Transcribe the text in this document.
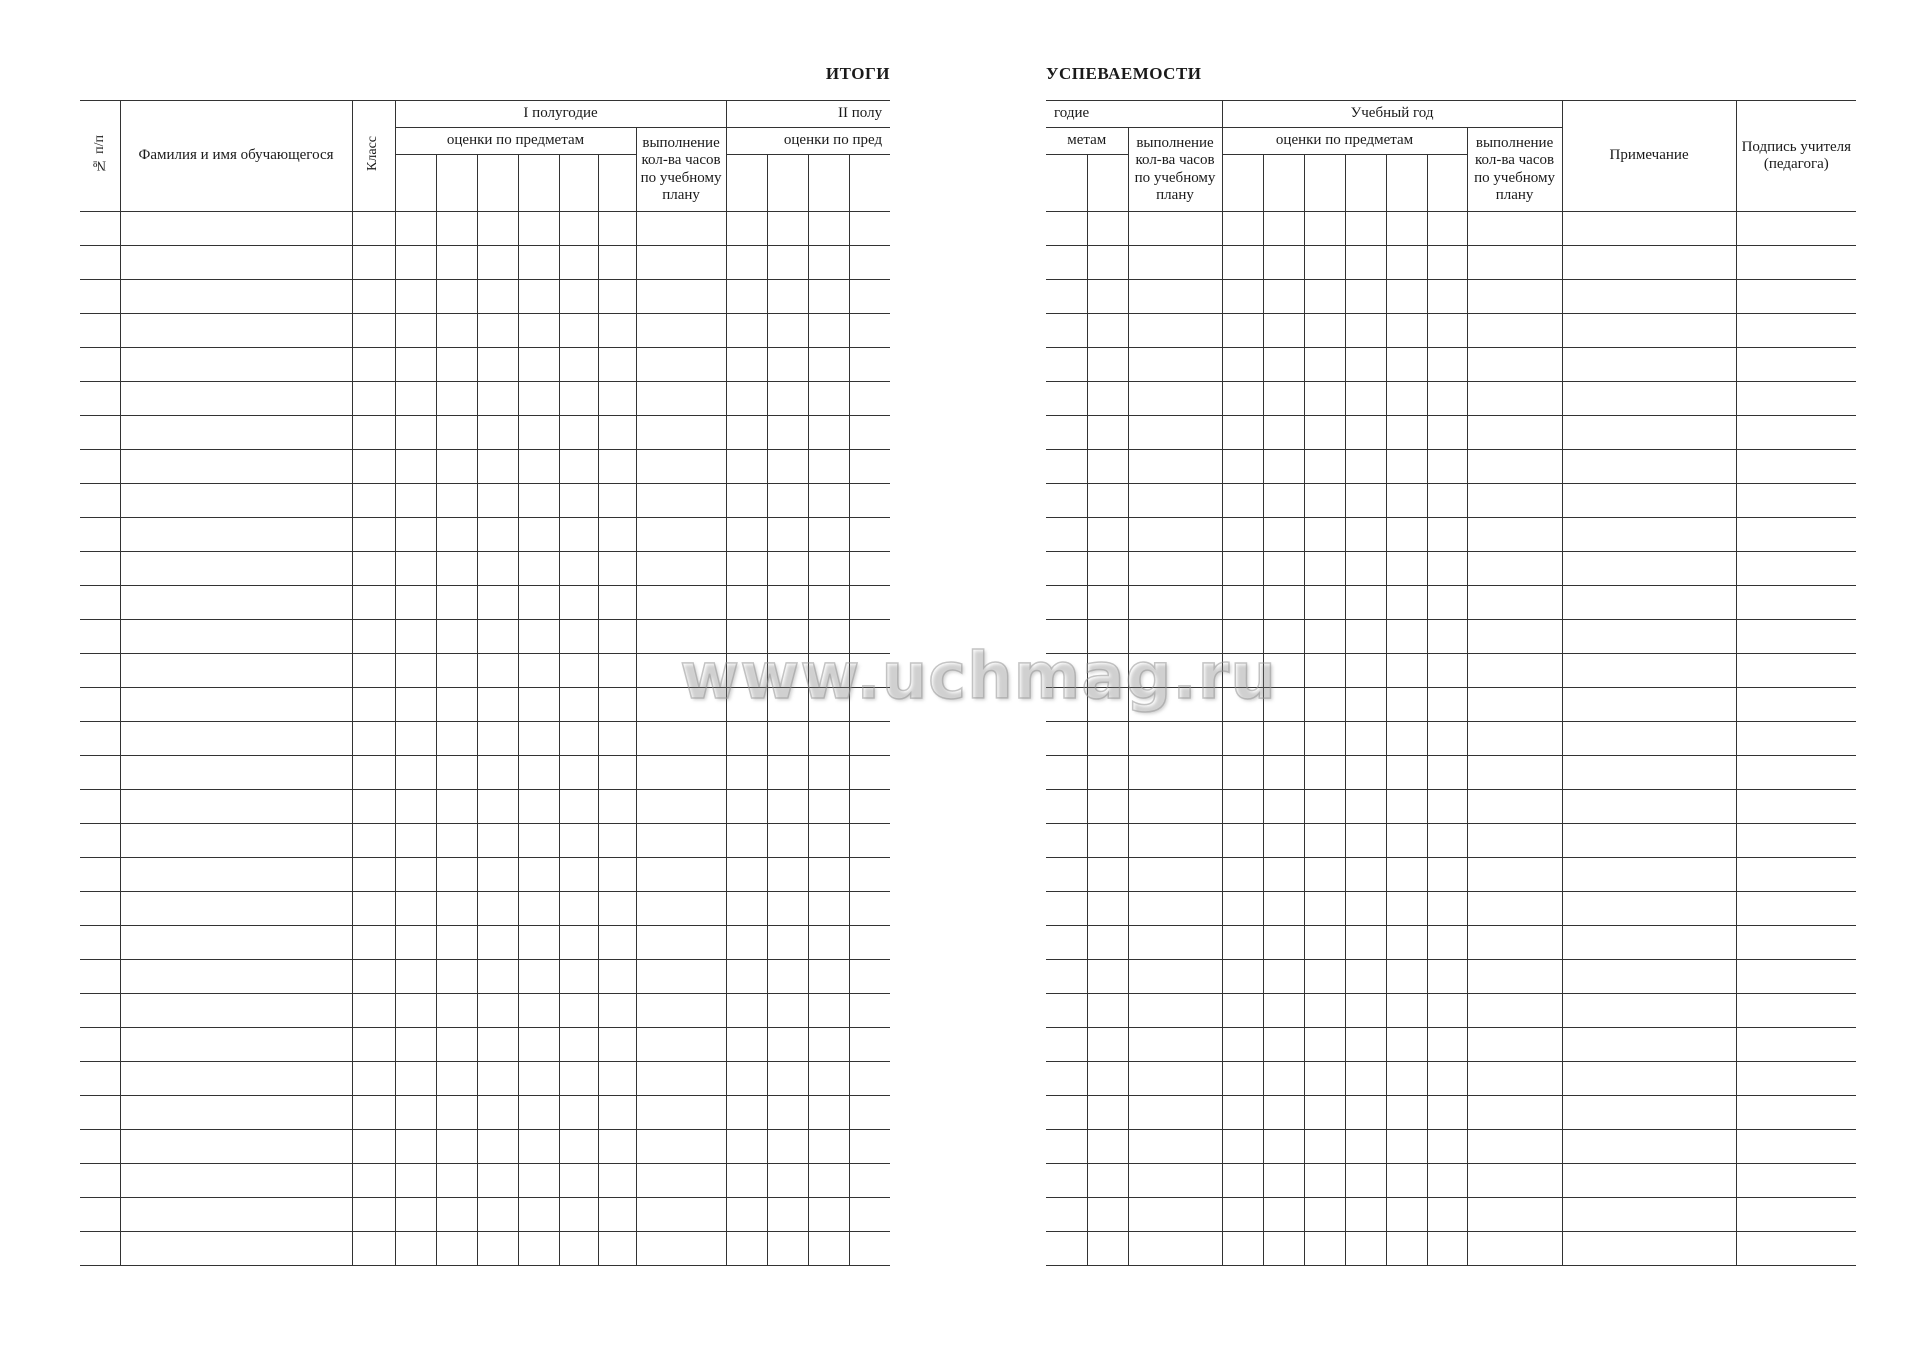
ИТОГИ
№ п/п	Фамилия и имя обучающегося	Класс	I полугодие							II полу			
			оценки по предметам						выполнение кол-ва часов по учебному плану	оценки по пред			

УСПЕВАЕМОСТИ
годие			Учебный год							Примечание	Подпись учителя (педагога)
метам		выполнение кол-ва часов по учебному плану	оценки по предметам						выполнение кол-ва часов по учебному плану		

www.uchmag.ru
